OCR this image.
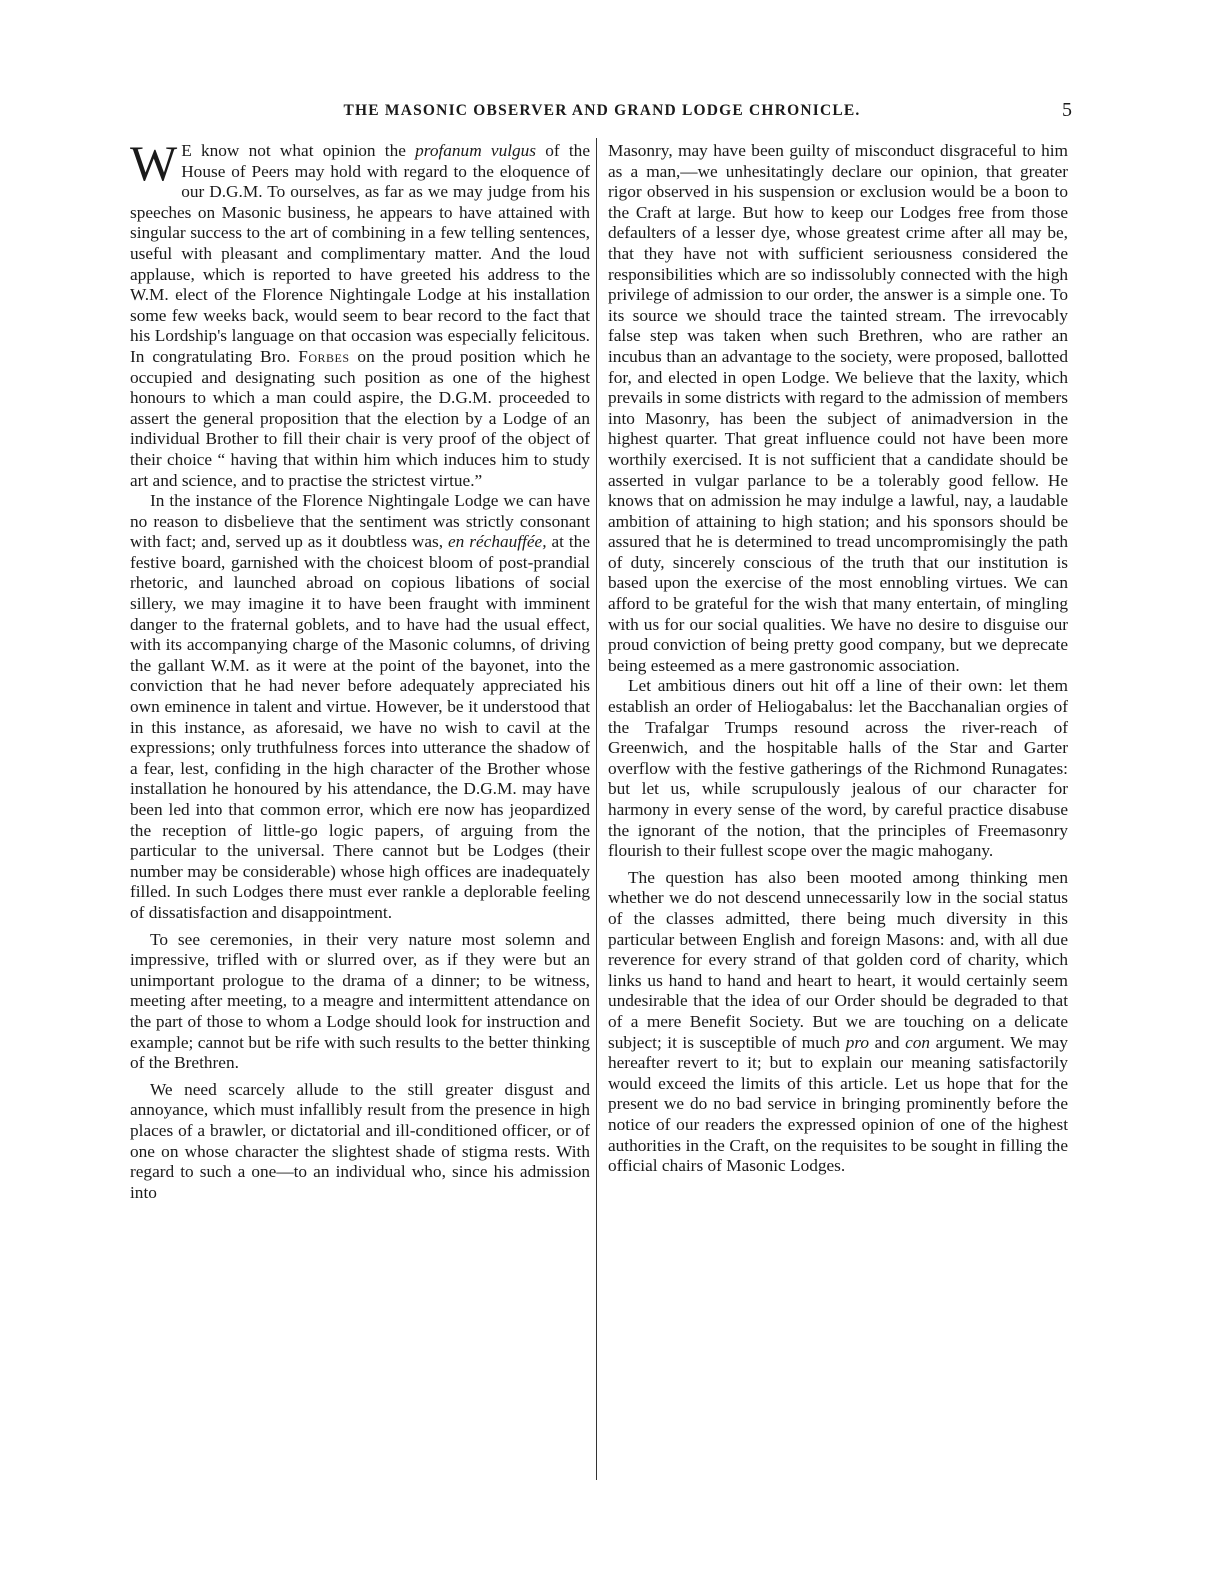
THE MASONIC OBSERVER AND GRAND LODGE CHRONICLE.	5

W E know not what opinion the profanum vulgus of the House of Peers may hold with regard to the eloquence of our D.G.M. To ourselves, as far as we may judge from his speeches on Masonic business, he appears to have attained with singular success to the art of combining in a few telling sentences, useful with pleasant and complimentary matter. And the loud applause, which is reported to have greeted his address to the W.M. elect of the Florence Nightingale Lodge at his installation some few weeks back, would seem to bear record to the fact that his Lordship's language on that occasion was especially felicitous. In congratulating Bro. Forbes on the proud position which he occupied and designating such position as one of the highest honours to which a man could aspire, the D.G.M. proceeded to assert the general proposition that the election by a Lodge of an individual Brother to fill their chair is very proof of the object of their choice “ having that within him which induces him to study art and science, and to practise the strictest virtue.”

In the instance of the Florence Nightingale Lodge we can have no reason to disbelieve that the sentiment was strictly consonant with fact; and, served up as it doubtless was, en réchauffée, at the festive board, garnished with the choicest bloom of post-prandial rhetoric, and launched abroad on copious libations of social sillery, we may imagine it to have been fraught with imminent danger to the fraternal goblets, and to have had the usual effect, with its accompanying charge of the Masonic columns, of driving the gallant W.M. as it were at the point of the bayonet, into the conviction that he had never before adequately appreciated his own eminence in talent and virtue. However, be it understood that in this instance, as aforesaid, we have no wish to cavil at the expressions; only truthfulness forces into utterance the shadow of a fear, lest, confiding in the high character of the Brother whose installation he honoured by his attendance, the D.G.M. may have been led into that common error, which ere now has jeopardized the reception of little-go logic papers, of arguing from the particular to the universal. There cannot but be Lodges (their number may be considerable) whose high offices are inadequately filled. In such Lodges there must ever rankle a deplorable feeling of dissatisfaction and disappointment.

To see ceremonies, in their very nature most solemn and impressive, trifled with or slurred over, as if they were but an unimportant prologue to the drama of a dinner; to be witness, meeting after meeting, to a meagre and intermittent attendance on the part of those to whom a Lodge should look for instruction and example; cannot but be rife with such results to the better thinking of the Brethren.

We need scarcely allude to the still greater disgust and annoyance, which must infallibly result from the presence in high places of a brawler, or dictatorial and ill-conditioned officer, or of one on whose character the slightest shade of stigma rests. With regard to such a one—to an individual who, since his admission into

Masonry, may have been guilty of misconduct disgraceful to him as a man,—we unhesitatingly declare our opinion, that greater rigor observed in his suspension or exclusion would be a boon to the Craft at large. But how to keep our Lodges free from those defaulters of a lesser dye, whose greatest crime after all may be, that they have not with sufficient seriousness considered the responsibilities which are so indissolubly connected with the high privilege of admission to our order, the answer is a simple one. To its source we should trace the tainted stream. The irrevocably false step was taken when such Brethren, who are rather an incubus than an advantage to the society, were proposed, ballotted for, and elected in open Lodge. We believe that the laxity, which prevails in some districts with regard to the admission of members into Masonry, has been the subject of animadversion in the highest quarter. That great influence could not have been more worthily exercised. It is not sufficient that a candidate should be asserted in vulgar parlance to be a tolerably good fellow. He knows that on admission he may indulge a lawful, nay, a laudable ambition of attaining to high station; and his sponsors should be assured that he is determined to tread uncompromisingly the path of duty, sincerely conscious of the truth that our institution is based upon the exercise of the most ennobling virtues. We can afford to be grateful for the wish that many entertain, of mingling with us for our social qualities. We have no desire to disguise our proud conviction of being pretty good company, but we deprecate being esteemed as a mere gastronomic association.

Let ambitious diners out hit off a line of their own: let them establish an order of Heliogabalus: let the Bacchanalian orgies of the Trafalgar Trumps resound across the river-reach of Greenwich, and the hospitable halls of the Star and Garter overflow with the festive gatherings of the Richmond Runagates: but let us, while scrupulously jealous of our character for harmony in every sense of the word, by careful practice disabuse the ignorant of the notion, that the principles of Freemasonry flourish to their fullest scope over the magic mahogany.

The question has also been mooted among thinking men whether we do not descend unnecessarily low in the social status of the classes admitted, there being much diversity in this particular between English and foreign Masons: and, with all due reverence for every strand of that golden cord of charity, which links us hand to hand and heart to heart, it would certainly seem undesirable that the idea of our Order should be degraded to that of a mere Benefit Society. But we are touching on a delicate subject; it is susceptible of much pro and con argument. We may hereafter revert to it; but to explain our meaning satisfactorily would exceed the limits of this article. Let us hope that for the present we do no bad service in bringing prominently before the notice of our readers the expressed opinion of one of the highest authorities in the Craft, on the requisites to be sought in filling the official chairs of Masonic Lodges.
